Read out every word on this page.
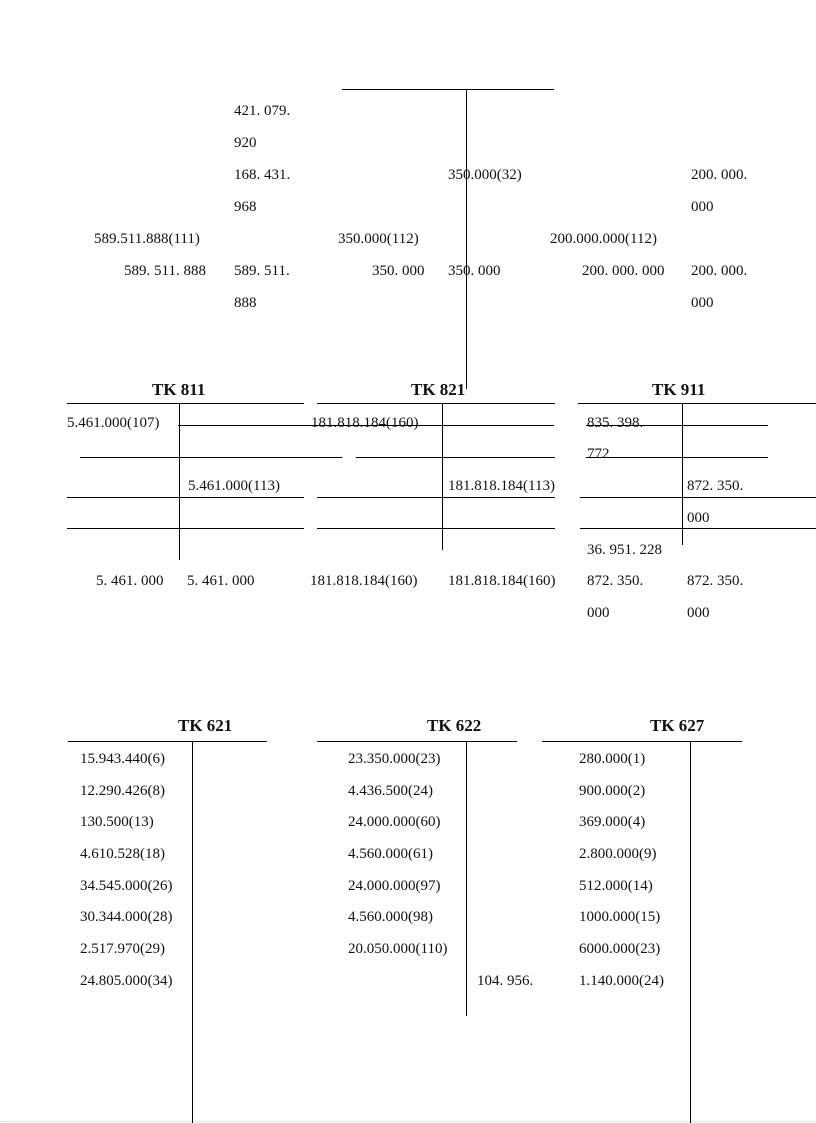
421. 079.
920
168. 431.
968
589.511.888(111)
589. 511. 888 589. 511.
888
350.000(32)
350.000(112)
350. 000 350. 000
200. 000.
000
200.000.000(112)
200. 000. 000 200. 000.
000
TK 811
5.461.000(107)
5.461.000(113)
5. 461. 000 5. 461. 000
TK 821
181.818.184(160)
181.818.184(113)
181.818.184(160) 181.818.184(160)
TK 911
835. 398.
772
872. 350.
000
36. 951. 228
872. 350.
000
872. 350.
000
TK 621
15.943.440(6)
12.290.426(8)
130.500(13)
4.610.528(18)
34.545.000(26)
30.344.000(28)
2.517.970(29)
24.805.000(34)
TK 622
23.350.000(23)
4.436.500(24)
24.000.000(60)
4.560.000(61)
24.000.000(97)
4.560.000(98)
20.050.000(110)
104. 956.
TK 627
280.000(1)
900.000(2)
369.000(4)
2.800.000(9)
512.000(14)
1000.000(15)
6000.000(23)
1.140.000(24)
